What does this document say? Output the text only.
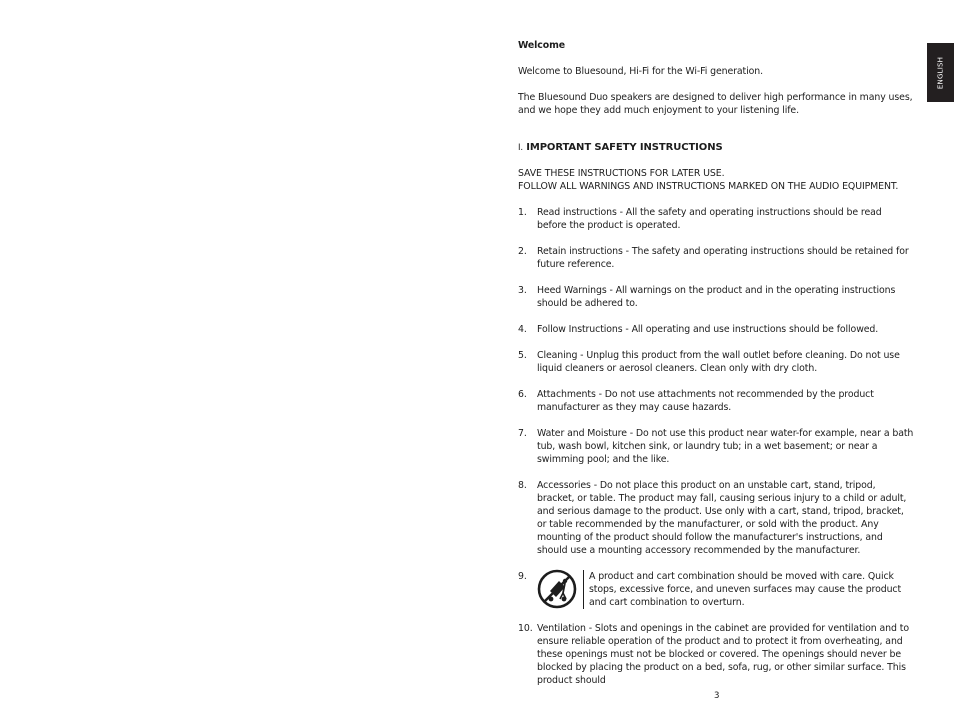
ENGLISH

Welcome

Welcome to Bluesound, Hi-Fi for the Wi-Fi generation.

The Bluesound Duo speakers are designed to deliver high performance in many uses, and we hope they add much enjoyment to your listening life.

I. IMPORTANT SAFETY INSTRUCTIONS

SAVE THESE INSTRUCTIONS FOR LATER USE.

FOLLOW ALL WARNINGS AND INSTRUCTIONS MARKED ON THE AUDIO EQUIPMENT.

1.	Read instructions - All the safety and operating instructions should be read before the product is operated.
2.	Retain instructions - The safety and operating instructions should be retained for future reference.
3.	Heed Warnings - All warnings on the product and in the operating instructions should be adhered to.
4.	Follow Instructions - All operating and use instructions should be followed.
5.	Cleaning - Unplug this product from the wall outlet before cleaning. Do not use liquid cleaners or aerosol cleaners. Clean only with dry cloth.
6.	Attachments - Do not use attachments not recommended by the product manufacturer as they may cause hazards.
7.	Water and Moisture - Do not use this product near water-for example, near a bath tub, wash bowl, kitchen sink, or laundry tub; in a wet basement; or near a swimming pool; and the like.
8.	Accessories - Do not place this product on an unstable cart, stand, tripod, bracket, or table. The product may fall, causing serious injury to a child or adult, and serious damage to the product. Use only with a cart, stand, tripod, bracket, or table recommended by the manufacturer, or sold with the product. Any mounting of the product should follow the manufacturer's instructions, and should use a mounting accessory recommended by the manufacturer.
9.	A product and cart combination should be moved with care. Quick stops, excessive force, and uneven surfaces may cause the product and cart combination to overturn.
10. Ventilation - Slots and openings in the cabinet are provided for ventilation and to ensure reliable operation of the product and to protect it from overheating, and these openings must not be blocked or covered. The openings should never be blocked by placing the product on a bed, sofa, rug, or other similar surface. This product should
3
